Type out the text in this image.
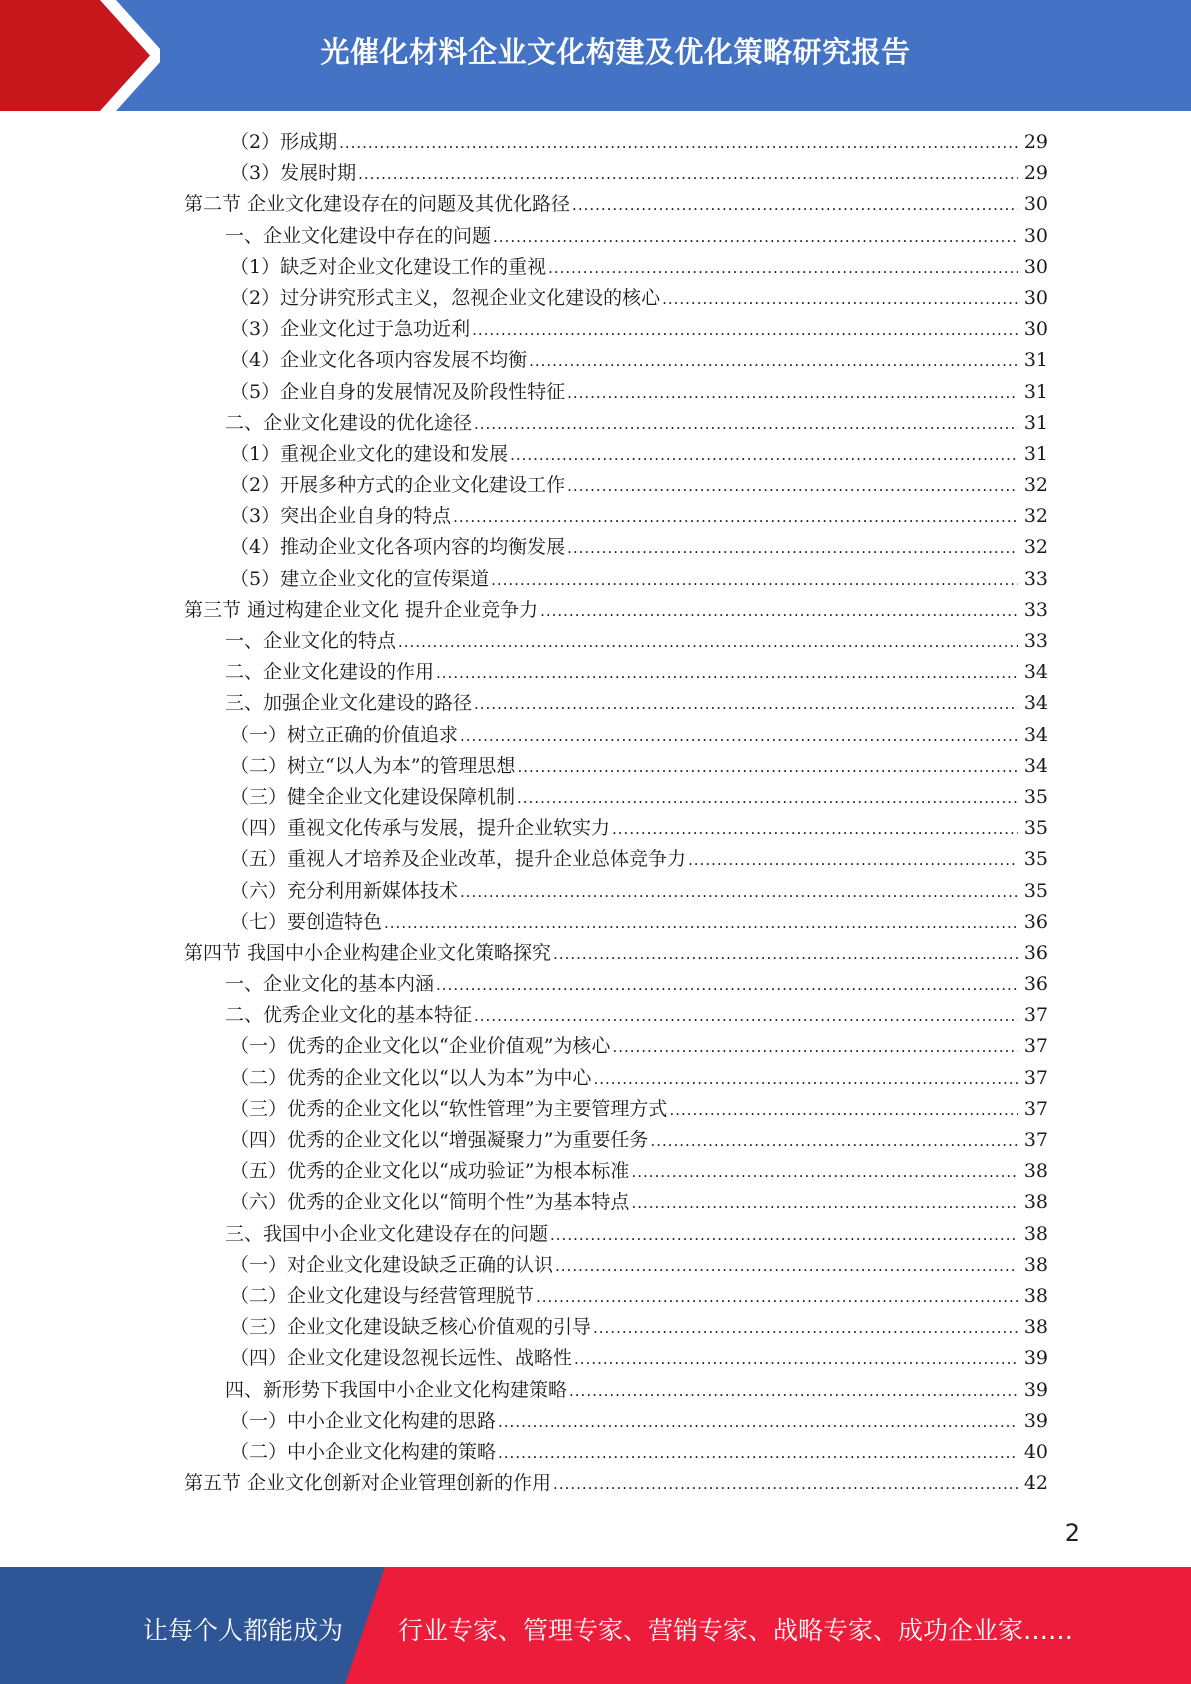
光催化材料企业文化构建及优化策略研究报告
（2）形成期 .....	29
（3）发展时期 .....	29
第二节 企业文化建设存在的问题及其优化路径 .....	30
一、企业文化建设中存在的问题 .....	30
（1）缺乏对企业文化建设工作的重视 .....	30
（2）过分讲究形式主义，忽视企业文化建设的核心 .....	30
（3）企业文化过于急功近利 .....	30
（4）企业文化各项内容发展不均衡 .....	31
（5）企业自身的发展情况及阶段性特征 .....	31
二、企业文化建设的优化途径 .....	31
（1）重视企业文化的建设和发展 .....	31
（2）开展多种方式的企业文化建设工作 .....	32
（3）突出企业自身的特点 .....	32
（4）推动企业文化各项内容的均衡发展 .....	32
（5）建立企业文化的宣传渠道 .....	33
第三节 通过构建企业文化 提升企业竞争力 .....	33
一、企业文化的特点 .....	33
二、企业文化建设的作用 .....	34
三、加强企业文化建设的路径 .....	34
（一）树立正确的价值追求 .....	34
（二）树立“以人为本”的管理思想 .....	34
（三）健全企业文化建设保障机制 .....	35
（四）重视文化传承与发展，提升企业软实力 .....	35
（五）重视人才培养及企业改革，提升企业总体竞争力 .....	35
（六）充分利用新媒体技术 .....	35
（七）要创造特色 .....	36
第四节 我国中小企业构建企业文化策略探究 .....	36
一、企业文化的基本内涵 .....	36
二、优秀企业文化的基本特征 .....	37
（一）优秀的企业文化以“企业价值观”为核心 .....	37
（二）优秀的企业文化以“以人为本”为中心 .....	37
（三）优秀的企业文化以“软性管理”为主要管理方式 .....	37
（四）优秀的企业文化以“增强凝聚力”为重要任务 .....	37
（五）优秀的企业文化以“成功验证”为根本标准 .....	38
（六）优秀的企业文化以“简明个性”为基本特点 .....	38
三、我国中小企业文化建设存在的问题 .....	38
（一）对企业文化建设缺乏正确的认识 .....	38
（二）企业文化建设与经营管理脱节 .....	38
（三）企业文化建设缺乏核心价值观的引导 .....	38
（四）企业文化建设忽视长远性、战略性 .....	39
四、新形势下我国中小企业文化构建策略 .....	39
（一）中小企业文化构建的思路 .....	39
（二）中小企业文化构建的策略 .....	40
第五节 企业文化创新对企业管理创新的作用 .....	42
2
让每个人都能成为 行业专家、管理专家、营销专家、战略专家、成功企业家……
